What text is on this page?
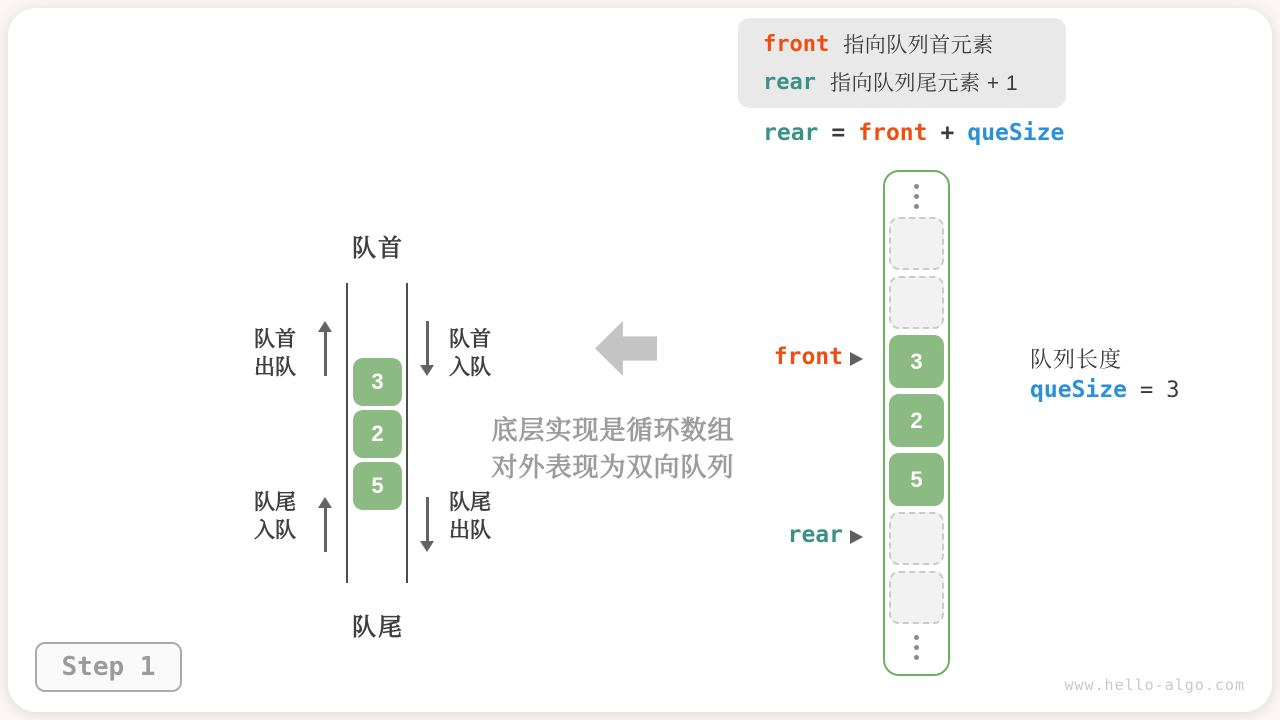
front 指向队列首元素
rear 指向队列尾元素 + 1
rear = front + queSize
队首
3
2
5
队尾
队首
出队
队首
入队
队尾
入队
队尾
出队
底层实现是循环数组
对外表现为双向队列
3
2
5
front
rear
队列长度
queSize = 3
Step 1
www.hello-algo.com
